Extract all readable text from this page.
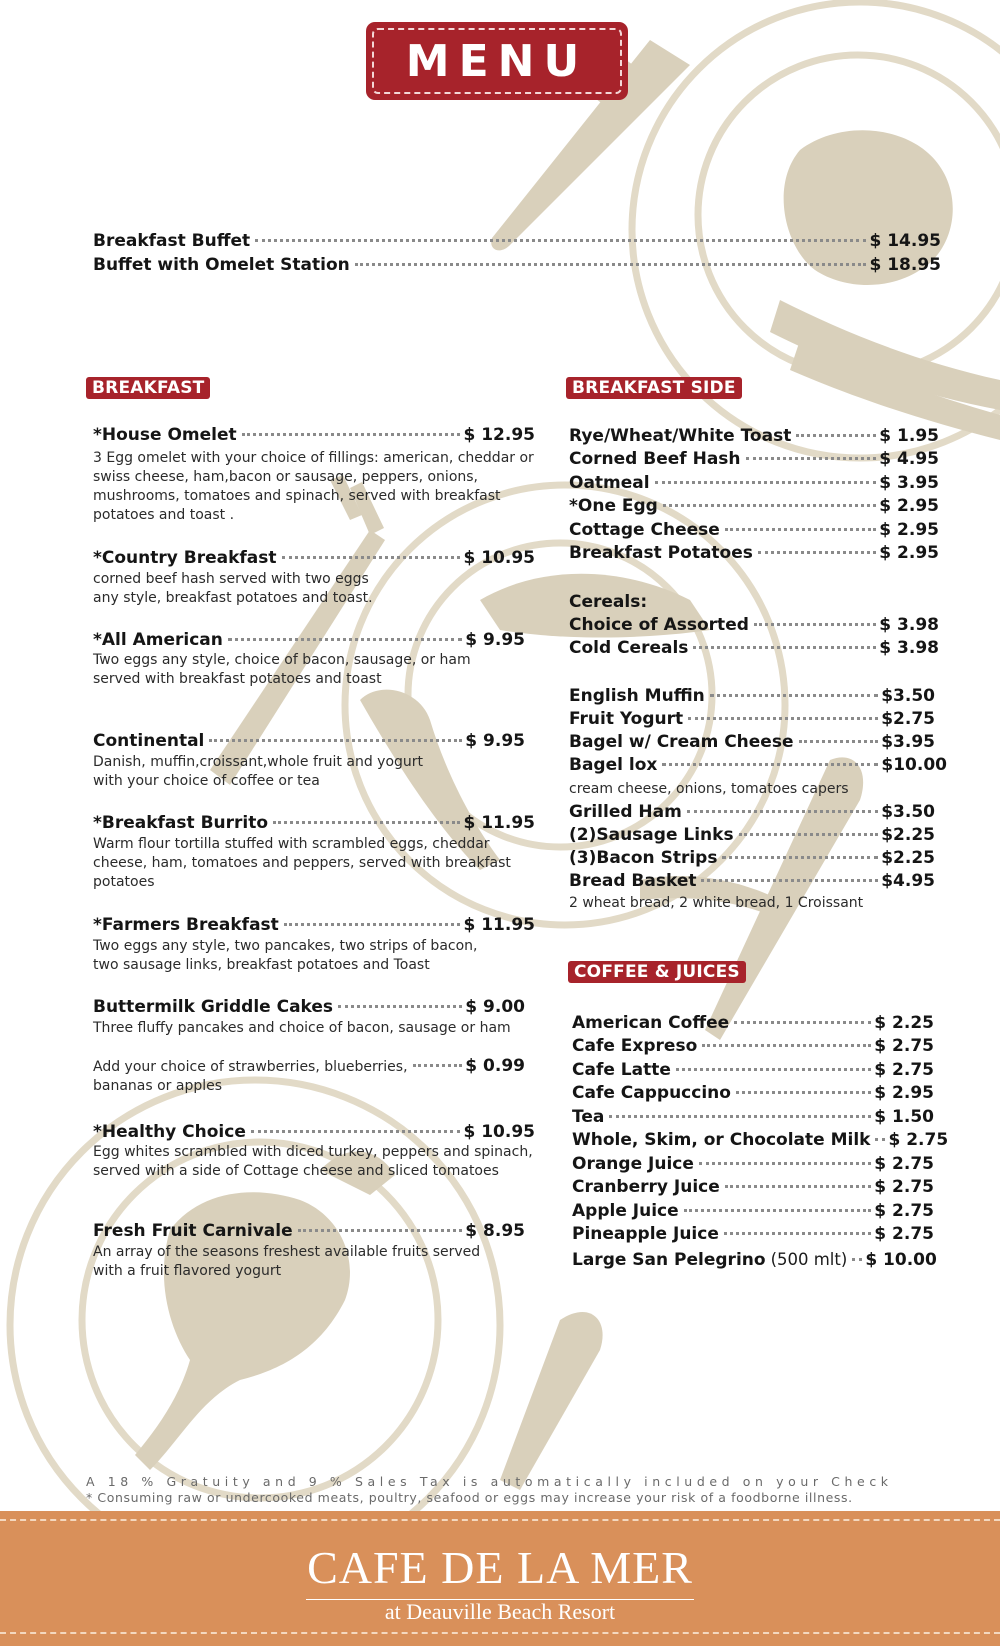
MENU
Breakfast Buffet	$ 14.95
Buffet with Omelet Station	$ 18.95
BREAKFAST
*House Omelet	$ 12.95
3 Egg omelet with your choice of fillings: american, cheddar or swiss cheese, ham,bacon or sausage, peppers, onions, mushrooms, tomatoes and spinach, served with breakfast potatoes and toast .
*Country Breakfast	$ 10.95
corned beef hash served with two eggs any style, breakfast potatoes and toast.
*All American	$ 9.95
Two eggs any style, choice of bacon, sausage, or ham served with breakfast potatoes and toast
Continental	$ 9.95
Danish, muffin,croissant,whole fruit and yogurt with your choice of coffee or tea
*Breakfast Burrito	$ 11.95
Warm flour tortilla stuffed with scrambled eggs, cheddar cheese, ham, tomatoes and peppers, served with breakfast potatoes
*Farmers Breakfast	$ 11.95
Two eggs any style, two pancakes, two strips of bacon, two sausage links, breakfast potatoes and Toast
Buttermilk Griddle Cakes	$ 9.00
Three fluffy pancakes and choice of bacon, sausage or ham
Add your choice of strawberries, blueberries,	$ 0.99
bananas or apples
*Healthy Choice	$ 10.95
Egg whites scrambled with diced turkey, peppers and spinach, served with a side of Cottage cheese and sliced tomatoes
Fresh Fruit Carnivale	$ 8.95
An array of the seasons freshest available fruits served with a fruit flavored yogurt
BREAKFAST SIDE
Rye/Wheat/White Toast	$ 1.95
Corned Beef Hash	$ 4.95
Oatmeal	$ 3.95
*One Egg	$ 2.95
Cottage Cheese	$ 2.95
Breakfast Potatoes	$ 2.95
Cereals:
Choice of Assorted	$ 3.98
Cold Cereals	$ 3.98
English Muffin	$3.50
Fruit Yogurt	$2.75
Bagel w/ Cream Cheese	$3.95
Bagel lox	$10.00
cream cheese, onions, tomatoes capers
Grilled Ham	$3.50
(2)Sausage Links	$2.25
(3)Bacon Strips	$2.25
Bread Basket	$4.95
2 wheat bread, 2 white bread, 1 Croissant
COFFEE & JUICES
American Coffee	$ 2.25
Cafe Expreso	$ 2.75
Cafe Latte	$ 2.75
Cafe Cappuccino	$ 2.95
Tea	$ 1.50
Whole, Skim, or Chocolate Milk $ 2.75
Orange Juice	$ 2.75
Cranberry Juice	$ 2.75
Apple Juice	$ 2.75
Pineapple Juice	$ 2.75
Large San Pelegrino (500 mlt) $ 10.00
A 18 % Gratuity and 9 % Sales Tax is automatically included on your Check
* Consuming raw or undercooked meats, poultry, seafood or eggs may increase your risk of a foodborne illness.
CAFE DE LA MER
at Deauville Beach Resort
